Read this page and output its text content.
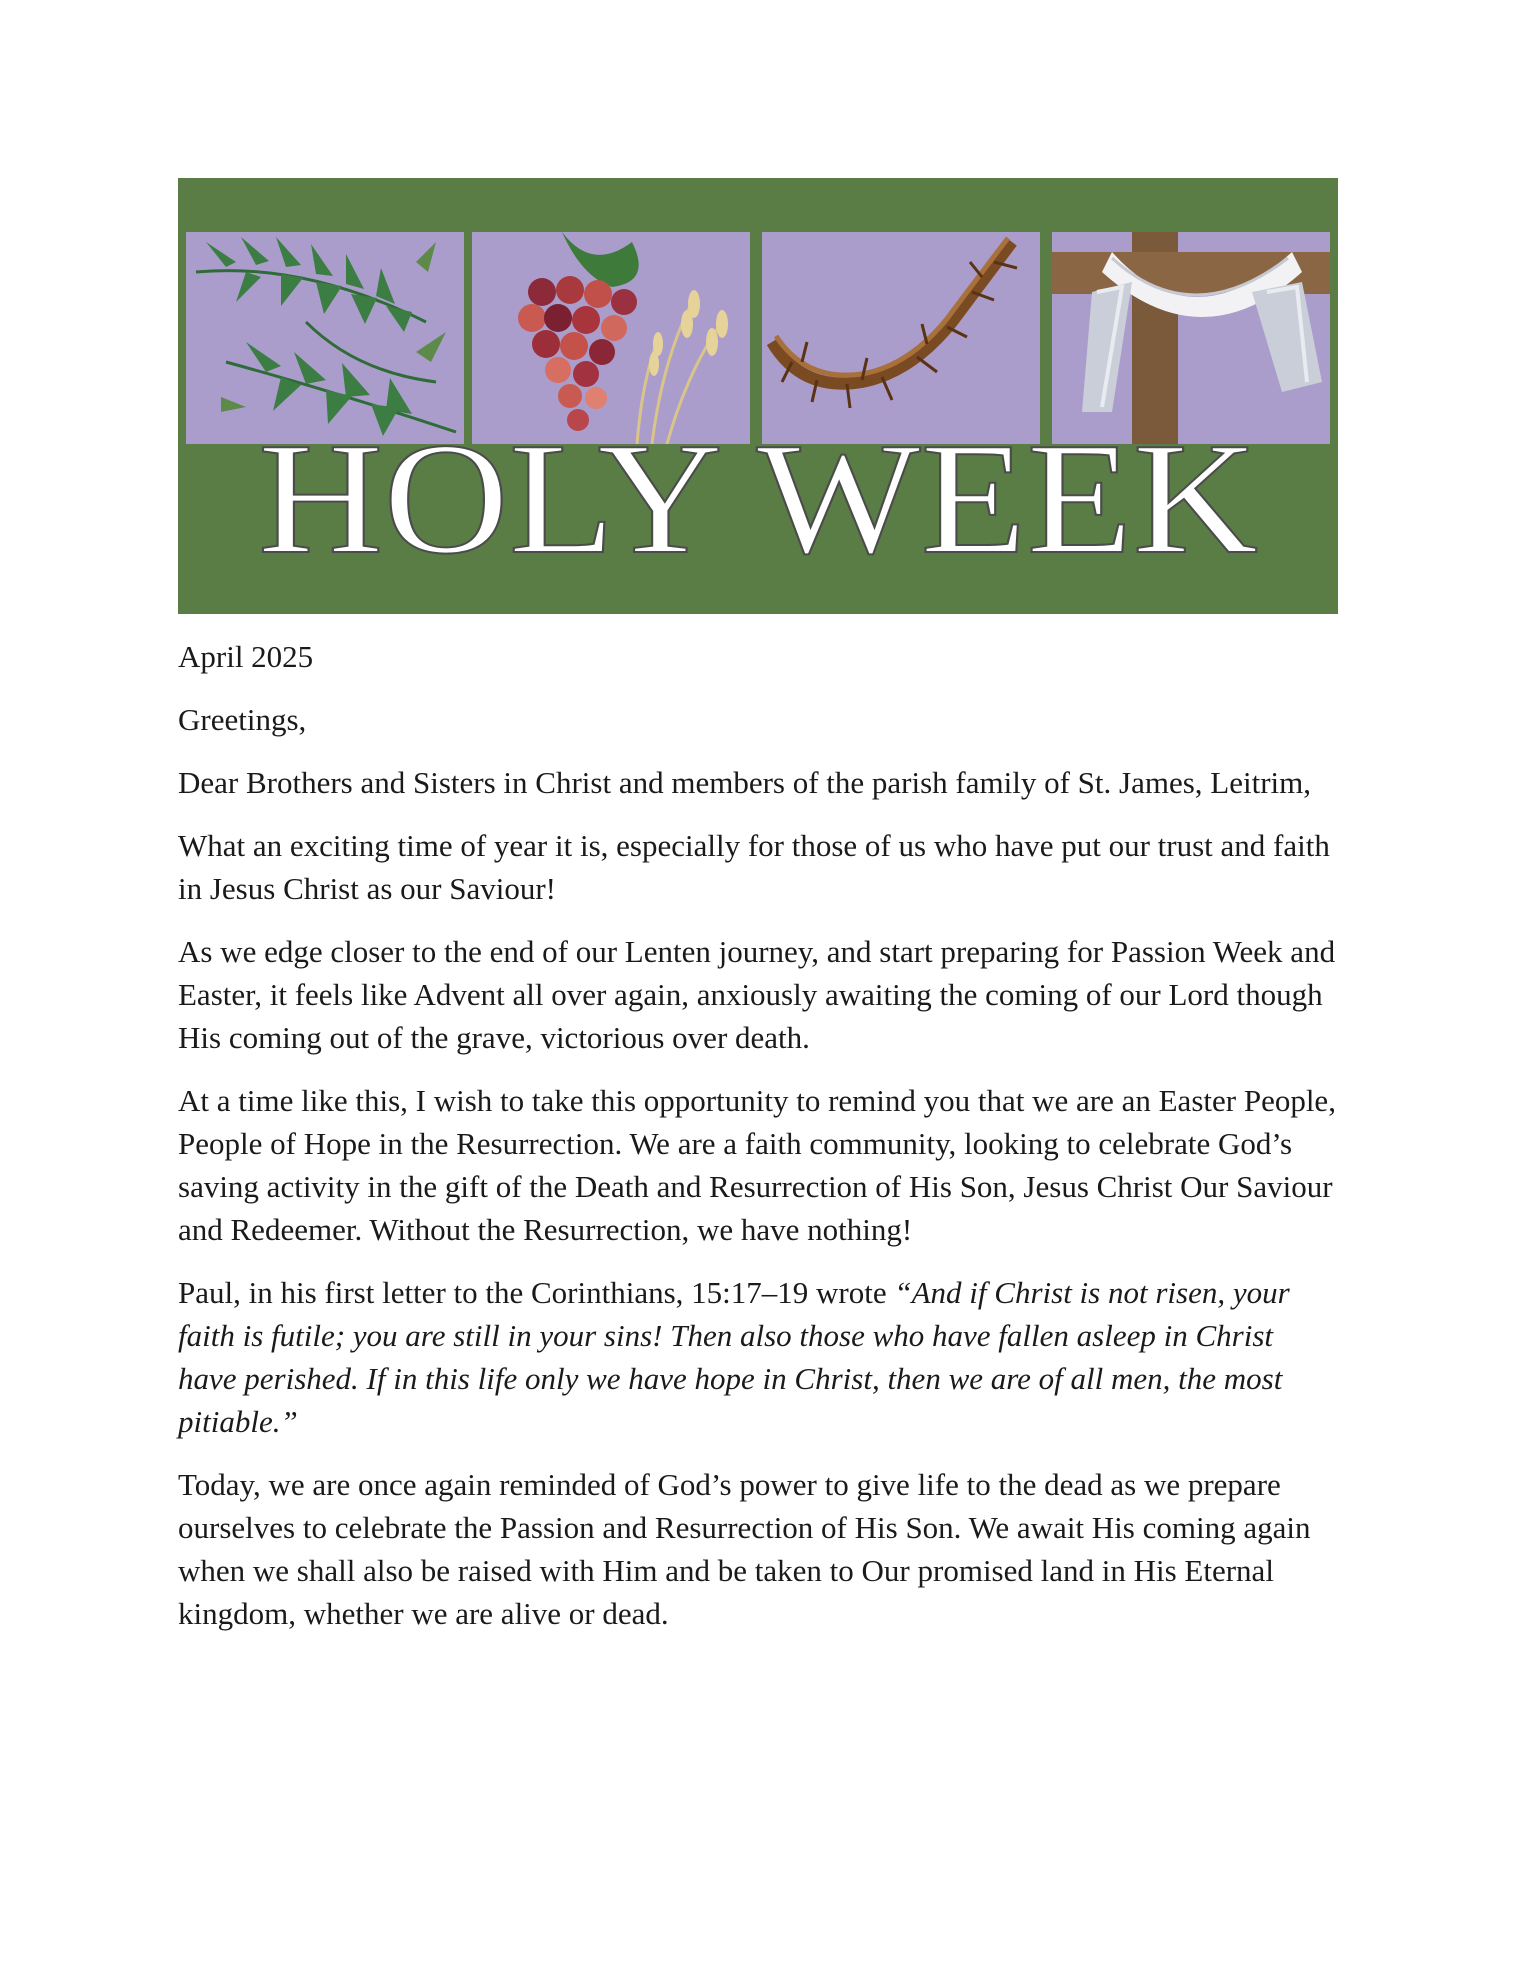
HOLY WEEK

April 2025

Greetings,

Dear Brothers and Sisters in Christ and members of the parish family of St. James, Leitrim,

What an exciting time of year it is, especially for those of us who have put our trust and faith in Jesus Christ as our Saviour!

As we edge closer to the end of our Lenten journey, and start preparing for Passion Week and Easter, it feels like Advent all over again, anxiously awaiting the coming of our Lord though His coming out of the grave, victorious over death.

At a time like this, I wish to take this opportunity to remind you that we are an Easter People, People of Hope in the Resurrection. We are a faith community, looking to celebrate God’s saving activity in the gift of the Death and Resurrection of His Son, Jesus Christ Our Saviour and Redeemer. Without the Resurrection, we have nothing!

Paul, in his first letter to the Corinthians, 15:17–19 wrote “And if Christ is not risen, your faith is futile; you are still in your sins! Then also those who have fallen asleep in Christ have perished. If in this life only we have hope in Christ, then we are of all men, the most pitiable.”

Today, we are once again reminded of God’s power to give life to the dead as we prepare ourselves to celebrate the Passion and Resurrection of His Son. We await His coming again when we shall also be raised with Him and be taken to Our promised land in His Eternal kingdom, whether we are alive or dead.
